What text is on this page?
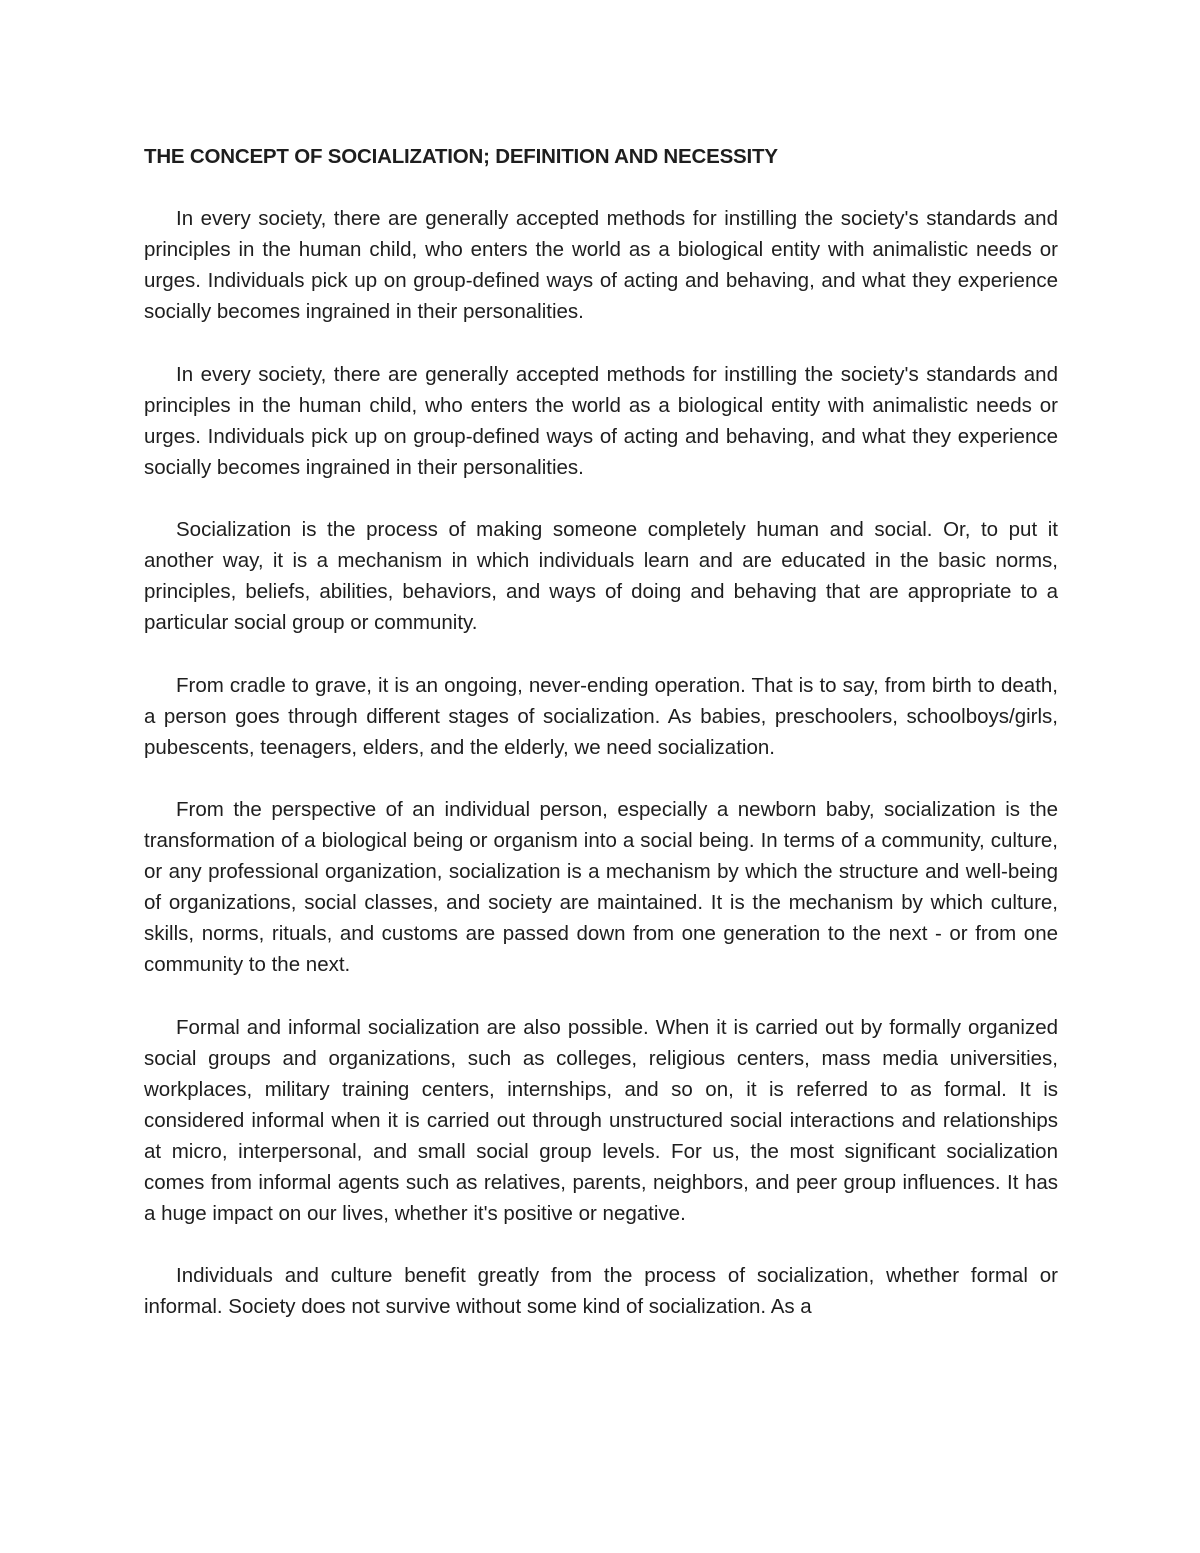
THE CONCEPT OF SOCIALIZATION; DEFINITION AND NECESSITY

In every society, there are generally accepted methods for instilling the society's standards and principles in the human child, who enters the world as a biological entity with animalistic needs or urges. Individuals pick up on group-defined ways of acting and behaving, and what they experience socially becomes ingrained in their personalities.

In every society, there are generally accepted methods for instilling the society's standards and principles in the human child, who enters the world as a biological entity with animalistic needs or urges. Individuals pick up on group-defined ways of acting and behaving, and what they experience socially becomes ingrained in their personalities.

Socialization is the process of making someone completely human and social. Or, to put it another way, it is a mechanism in which individuals learn and are educated in the basic norms, principles, beliefs, abilities, behaviors, and ways of doing and behaving that are appropriate to a particular social group or community.

From cradle to grave, it is an ongoing, never-ending operation. That is to say, from birth to death, a person goes through different stages of socialization. As babies, preschoolers, schoolboys/girls, pubescents, teenagers, elders, and the elderly, we need socialization.

From the perspective of an individual person, especially a newborn baby, socialization is the transformation of a biological being or organism into a social being. In terms of a community, culture, or any professional organization, socialization is a mechanism by which the structure and well-being of organizations, social classes, and society are maintained. It is the mechanism by which culture, skills, norms, rituals, and customs are passed down from one generation to the next - or from one community to the next.

Formal and informal socialization are also possible. When it is carried out by formally organized social groups and organizations, such as colleges, religious centers, mass media universities, workplaces, military training centers, internships, and so on, it is referred to as formal. It is considered informal when it is carried out through unstructured social interactions and relationships at micro, interpersonal, and small social group levels. For us, the most significant socialization comes from informal agents such as relatives, parents, neighbors, and peer group influences. It has a huge impact on our lives, whether it's positive or negative.

Individuals and culture benefit greatly from the process of socialization, whether formal or informal. Society does not survive without some kind of socialization. As a
